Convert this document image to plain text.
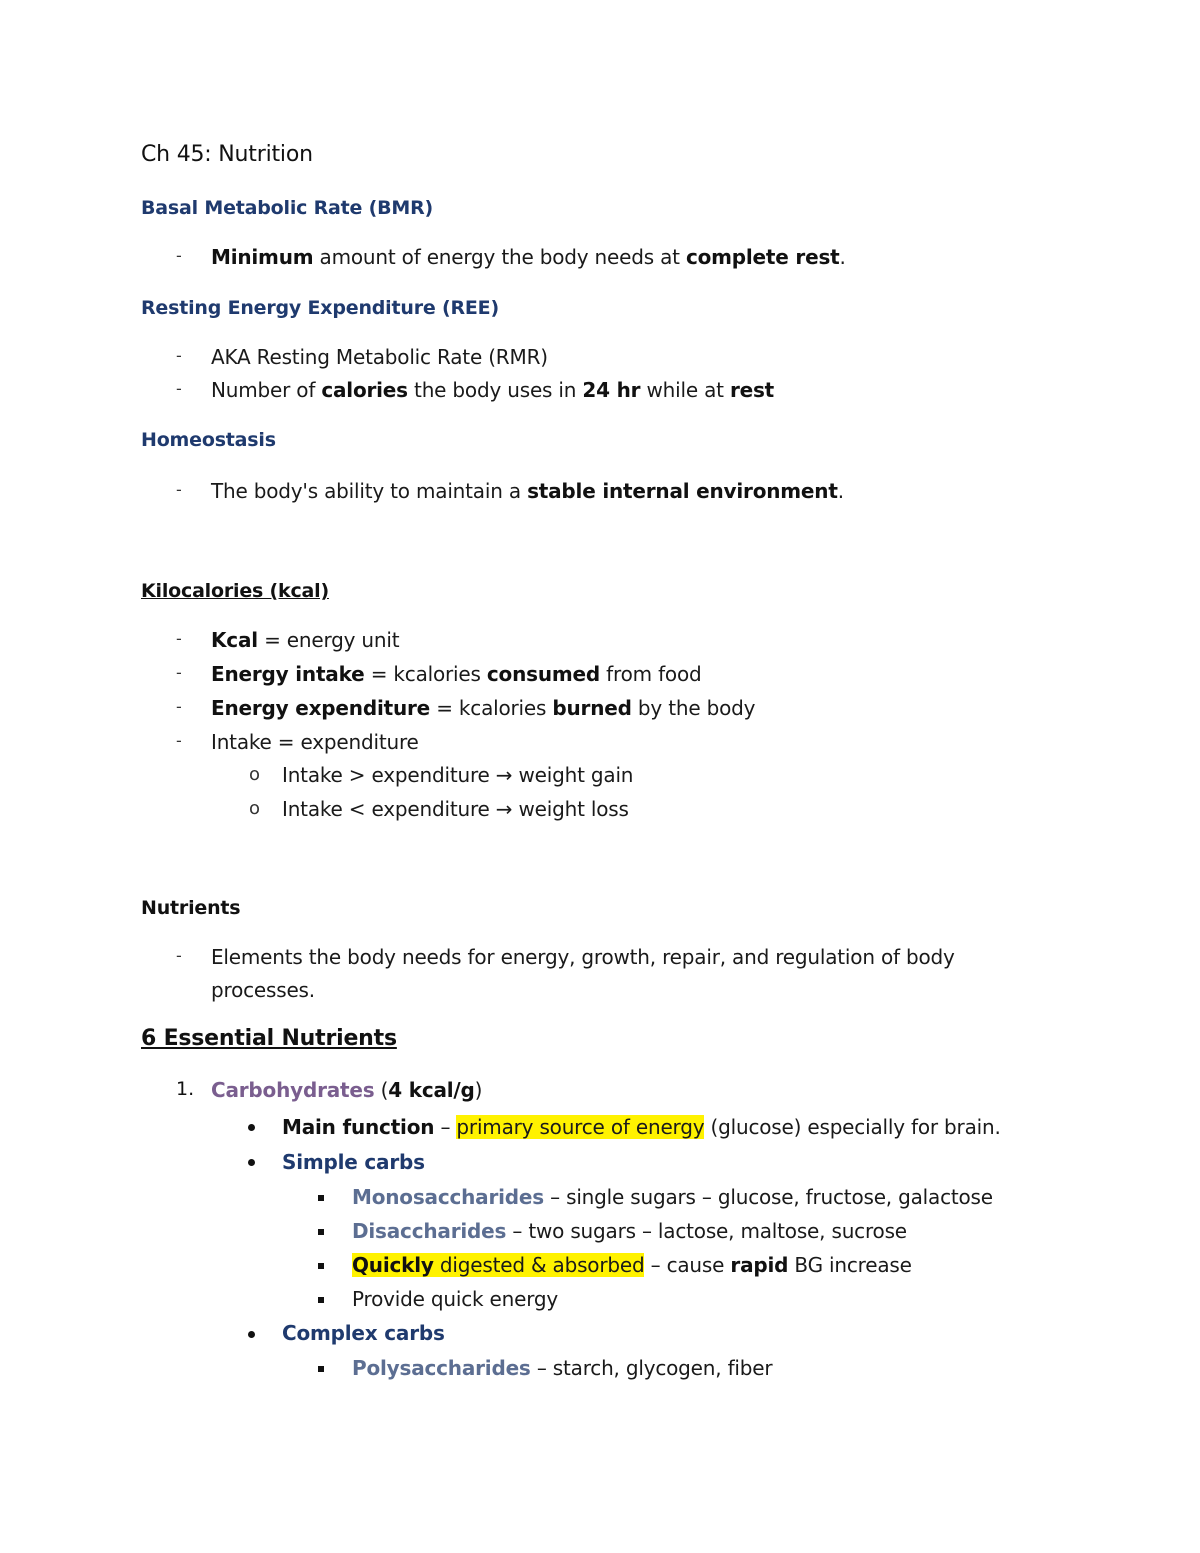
Ch 45: Nutrition
Basal Metabolic Rate (BMR)
- Minimum amount of energy the body needs at complete rest.
Resting Energy Expenditure (REE)
- AKA Resting Metabolic Rate (RMR)
- Number of calories the body uses in 24 hr while at rest
Homeostasis
- The body's ability to maintain a stable internal environment.
Kilocalories (kcal)
- Kcal = energy unit
- Energy intake = kcalories consumed from food
- Energy expenditure = kcalories burned by the body
- Intake = expenditure
o Intake > expenditure → weight gain
o Intake < expenditure → weight loss
Nutrients
- Elements the body needs for energy, growth, repair, and regulation of body
processes.
6 Essential Nutrients
1. Carbohydrates (4 kcal/g)
Main function – primary source of energy (glucose) especially for brain.
Simple carbs
Monosaccharides – single sugars – glucose, fructose, galactose
Disaccharides – two sugars – lactose, maltose, sucrose
Quickly digested & absorbed – cause rapid BG increase
Provide quick energy
Complex carbs
Polysaccharides – starch, glycogen, fiber
